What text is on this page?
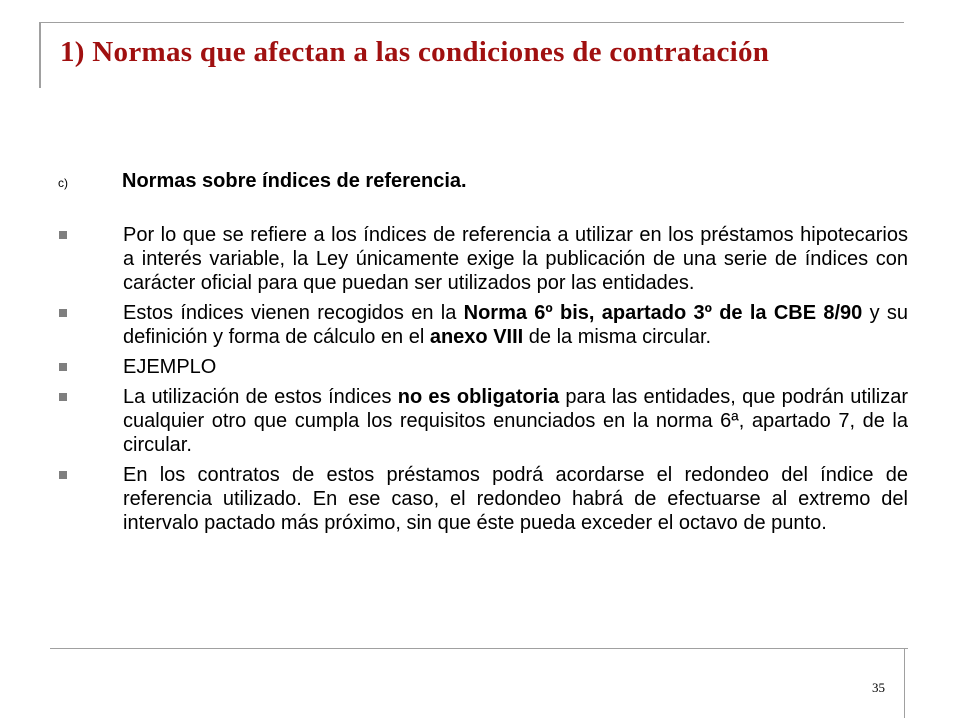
1) Normas que afectan a las condiciones de contratación
c)	Normas sobre índices de referencia.
Por lo que se refiere a los índices de referencia a utilizar en los préstamos hipotecarios a interés variable, la Ley únicamente exige la publicación de una serie de índices con carácter oficial para que puedan ser utilizados por las entidades.
Estos índices vienen recogidos en la Norma 6º bis, apartado 3º de la CBE 8/90 y su definición y forma de cálculo en el anexo VIII de la misma circular.
EJEMPLO
La utilización de estos índices no es obligatoria para las entidades, que podrán utilizar cualquier otro que cumpla los requisitos enunciados en la norma 6ª, apartado 7, de la circular.
En los contratos de estos préstamos podrá acordarse el redondeo del índice de referencia utilizado. En ese caso, el redondeo habrá de efectuarse al extremo del intervalo pactado más próximo, sin que éste pueda exceder el octavo de punto.
35
